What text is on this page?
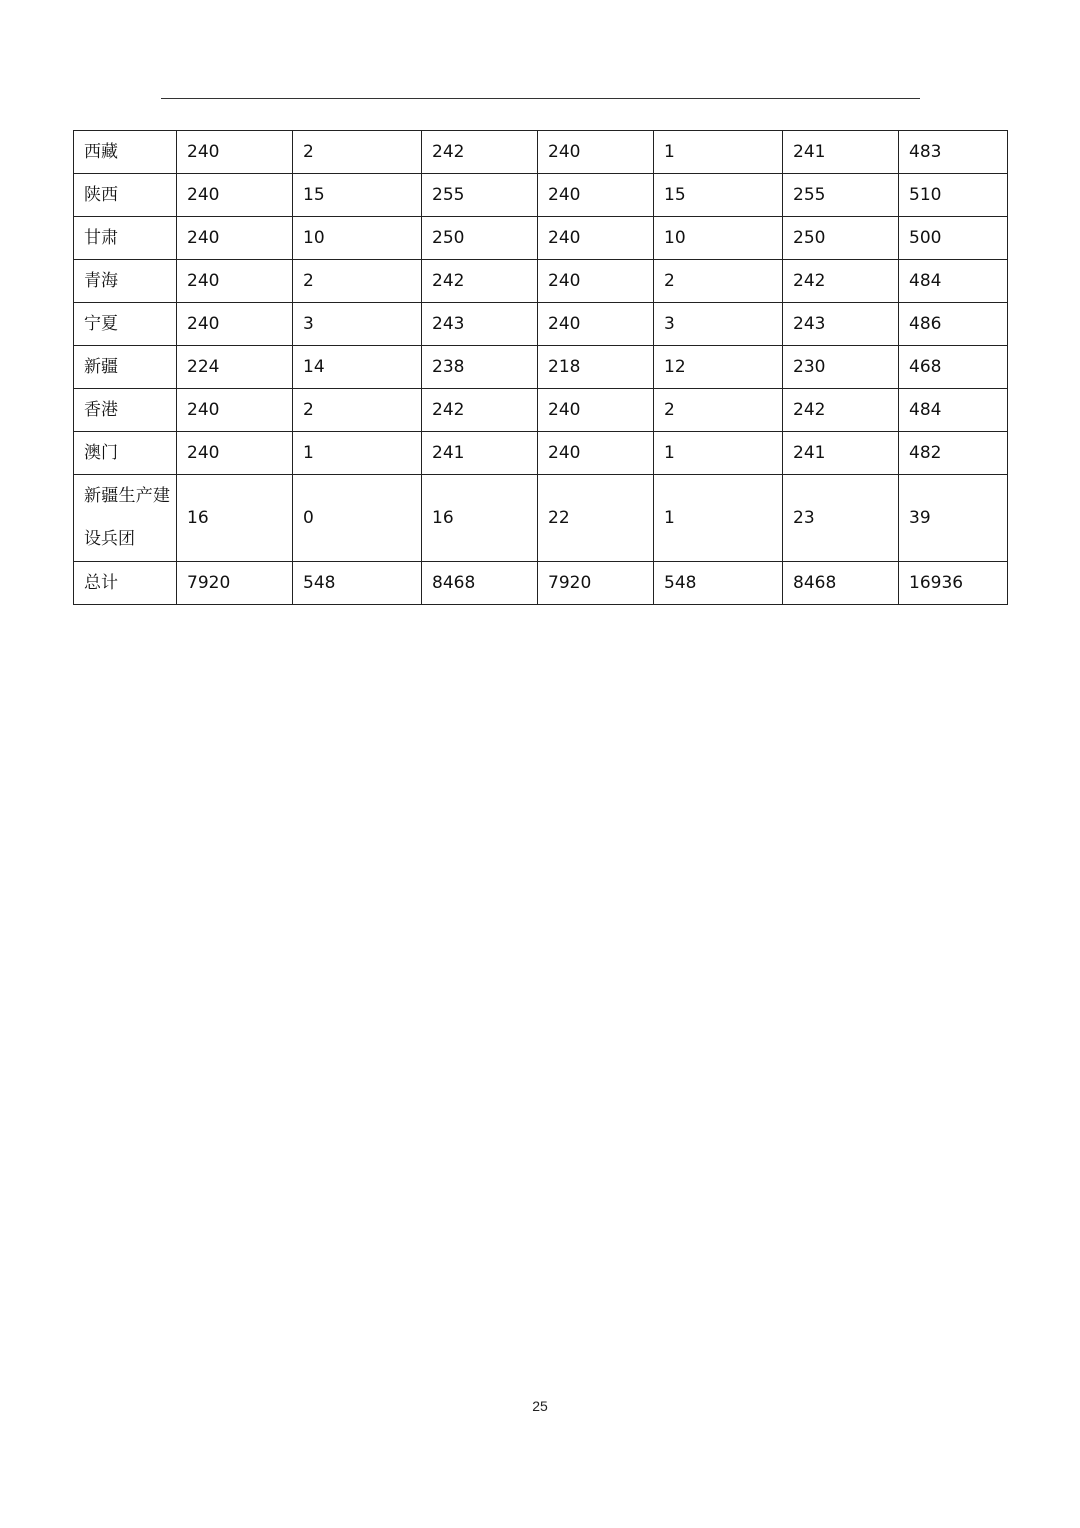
西藏	240	2	242	240	1	241	483
陕西	240	15	255	240	15	255	510
甘肃	240	10	250	240	10	250	500
青海	240	2	242	240	2	242	484
宁夏	240	3	243	240	3	243	486
新疆	224	14	238	218	12	230	468
香港	240	2	242	240	2	242	484
澳门	240	1	241	240	1	241	482
新疆生产建设兵团	16	0	16	22	1	23	39
总计	7920	548	8468	7920	548	8468	16936
25
